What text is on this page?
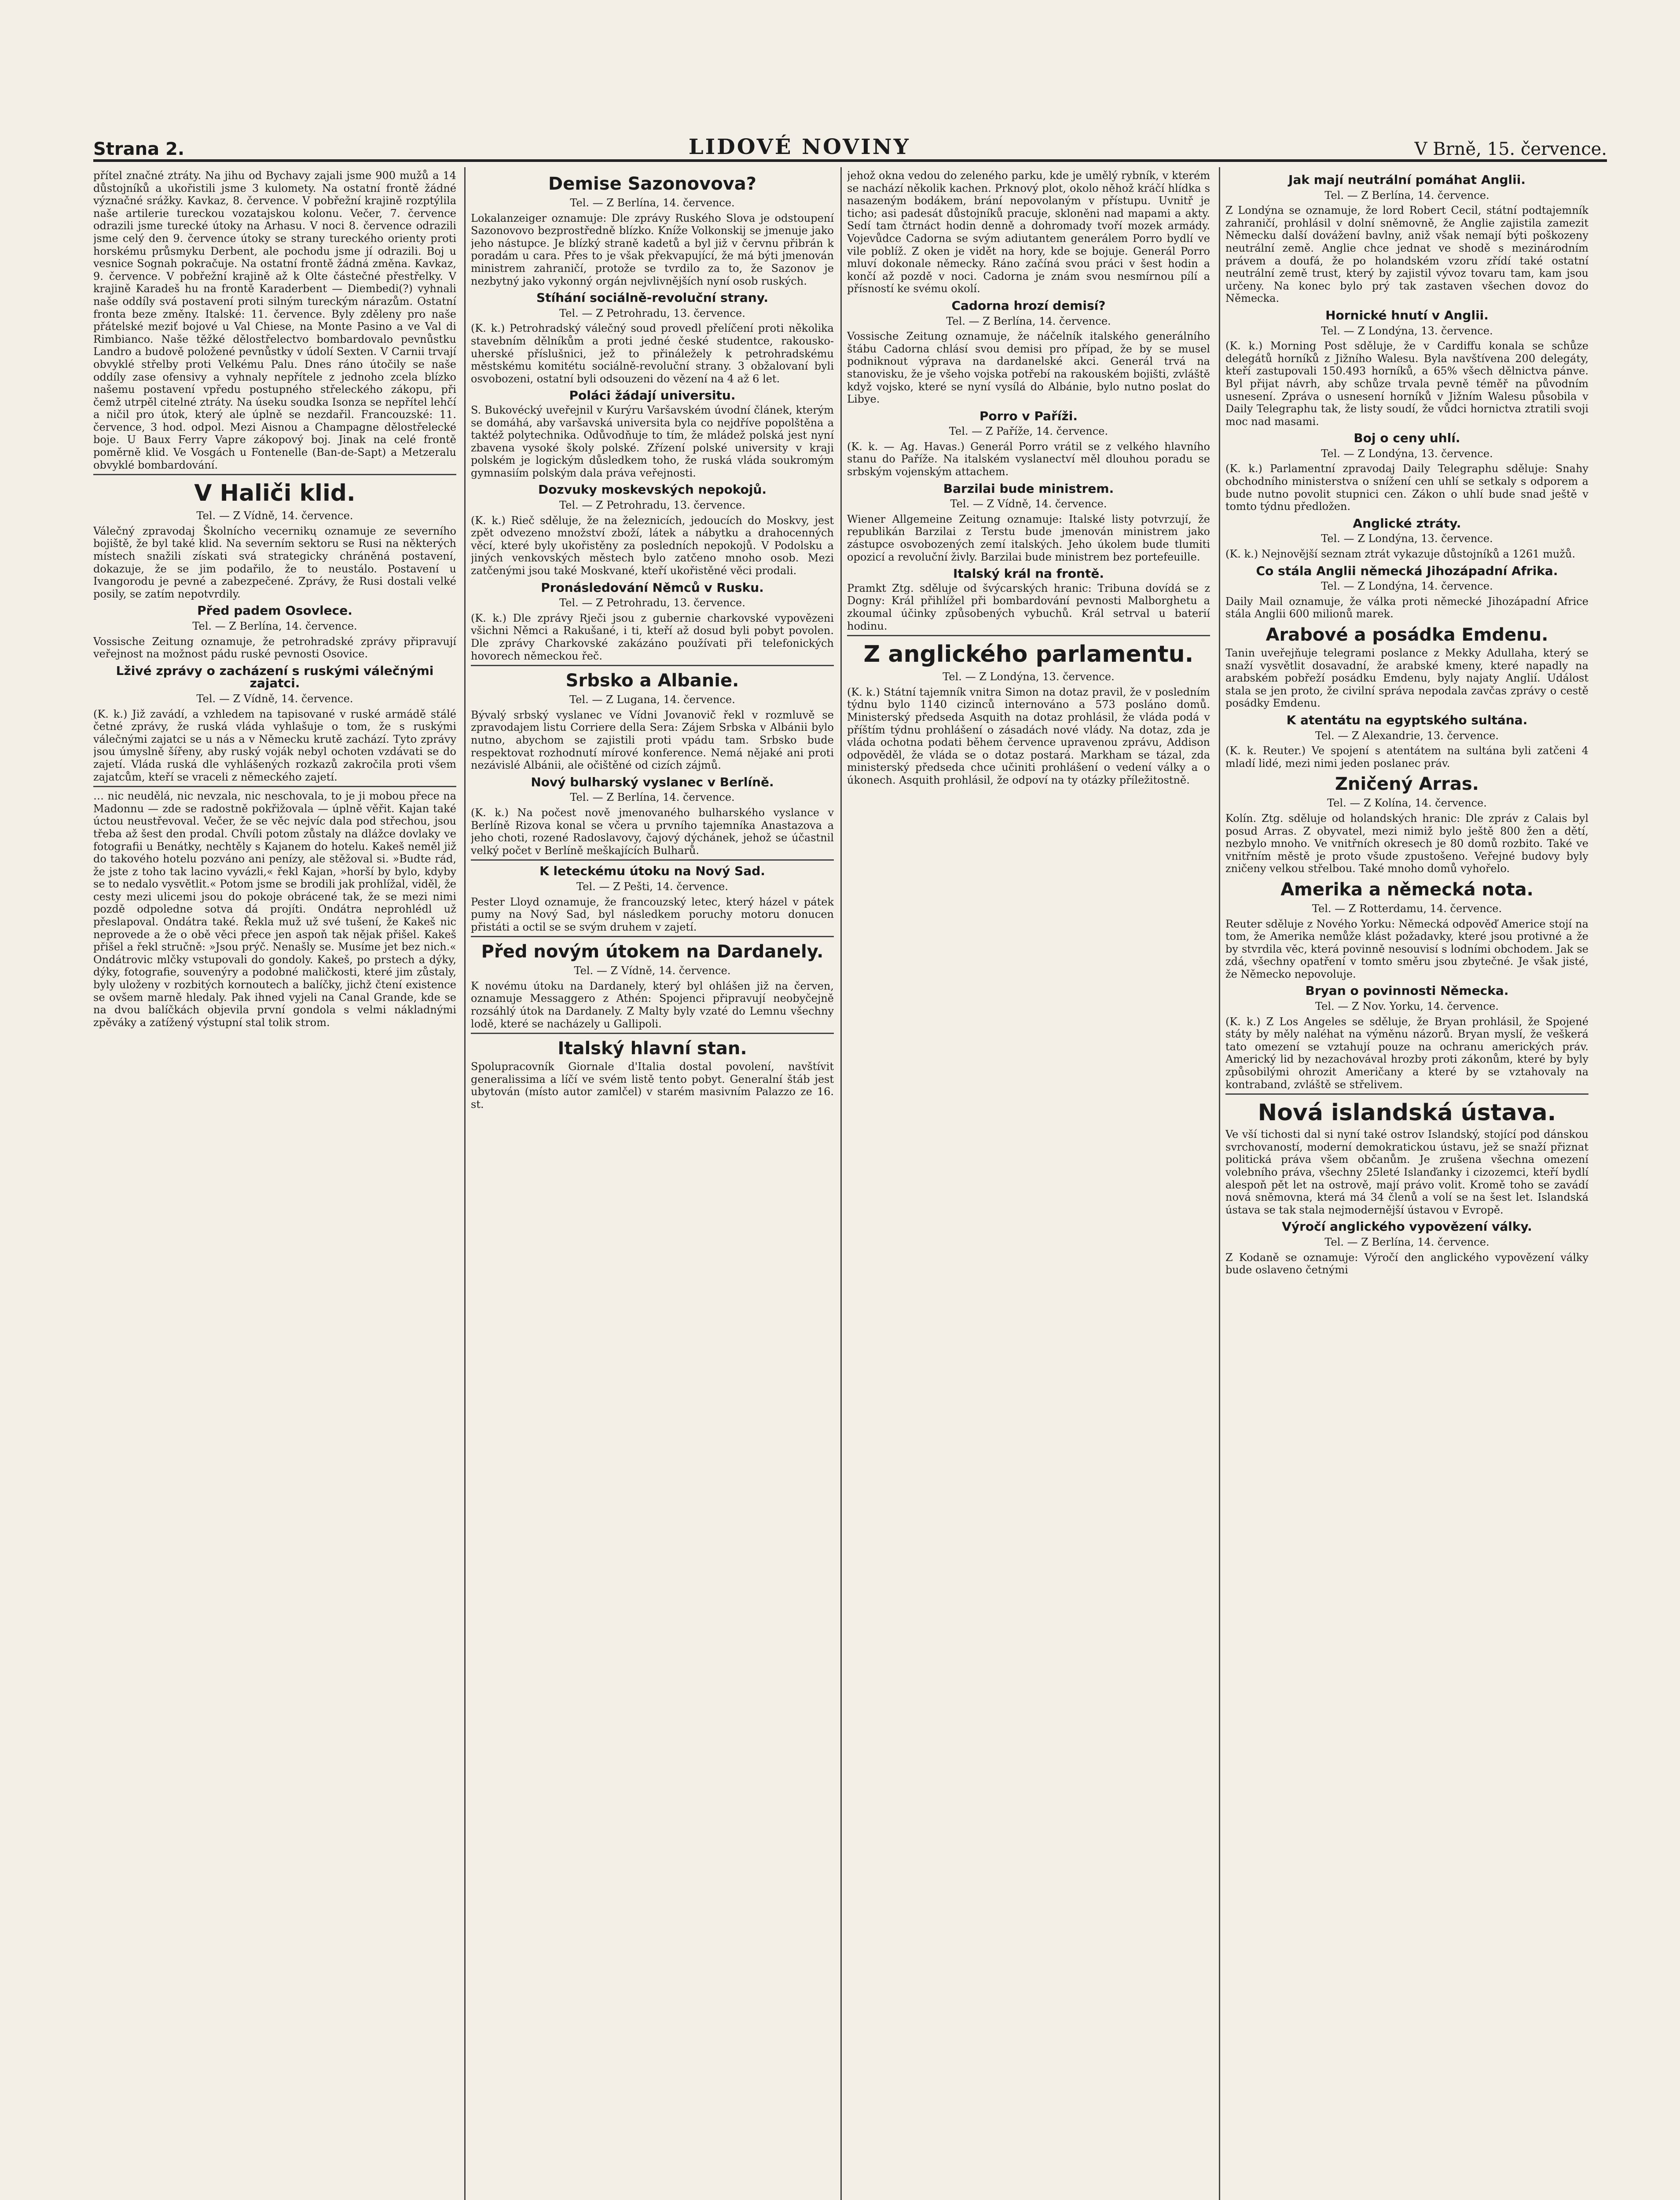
Strana 2.	LIDOVÉ NOVINY	V Brně, 15. července.

přítel značné ztráty. Na jihu od Bychavy zajali jsme 900 mužů a 14 důstojníků a ukořistili jsme 3 kulomety. Na ostatní frontě žádné význačné srážky. Kavkaz, 8. července. V pobřežní krajině rozptýlila naše artilerie tureckou vozatajskou kolonu. Večer, 7. července odrazili jsme turecké útoky na Arhasu. V noci 8. července odrazili jsme celý den 9. července útoky se strany tureckého orienty proti horskému průsmyku Derbent, ale pochodu jsme jí odrazili. Boj u vesnice Sognah pokračuje. Na ostatní frontě žádná změna. Kavkaz, 9. července. V pobřežní krajině až k Olte částečné přestřelky. V krajině Karadeš hu na frontě Karaderbent — Diembedi(?) vyhnali naše oddíly svá postavení proti silným tureckým nárazům. Ostatní fronta beze změny. Italské: 11. července. Byly zděleny pro naše přátelské meziť bojové u Val Chiese, na Monte Pasino a ve Val di Rimbianco. Naše těžké dělostřelectvo bombardovalo pevnůstku Landro a budově položené pevnůstky v údolí Sexten. V Carnii trvají obvyklé střelby proti Velkému Palu. Dnes ráno útočily se naše oddíly zase ofensivy a vyhnaly nepřítele z jednoho zcela blízko našemu postavení vpředu postupného střeleckého zákopu, při čemž utrpěl citelné ztráty. Na úseku soudka Isonza se nepřítel lehčí a ničil pro útok, který ale úplně se nezdařil. Francouzské: 11. července, 3 hod. odpol. Mezi Aisnou a Champagne dělostřelecké boje. U Baux Ferry Vapre zákopový boj. Jinak na celé frontě poměrně klid. Ve Vosgách u Fontenelle (Ban-de-Sapt) a Metzeralu obvyklé bombardování.

V Haliči klid.

Tel. — Z Vídně, 14. července.

Válečný zpravodaj Školnícho vecernikų oznamuje ze severního bojiště, že byl také klid. Na severním sektoru se Rusi na některých místech snažili získati svá strategicky chráněná postavení, dokazuje, že se jim podařilo, že to neustálo. Postavení u Ivangorodu je pevné a zabezpečené. Zprávy, že Rusi dostali velké posily, se zatím nepotvrdily.

Před padem Osovlece.

Tel. — Z Berlína, 14. července.

Vossische Zeitung oznamuje, že petrohradské zprávy připravují veřejnost na možnost pádu ruské pevnosti Osovice.

Lživé zprávy o zacházení s ruskými válečnými zajatci.

Tel. — Z Vídně, 14. července.

(K. k.) Již zavádí, a vzhledem na tapisované v ruské armádě stálé četné zprávy, že ruská vláda vyhlašuje o tom, že s ruskými válečnými zajatci se u nás a v Německu krutě zachází. Tyto zprávy jsou úmyslně šířeny, aby ruský voják nebyl ochoten vzdávati se do zajetí. Vláda ruská dle vyhlášených rozkazů zakročila proti všem zajatcům, kteří se vraceli z německého zajetí.

… nic neudělá, nic nevzala, nic neschovala, to je ji mobou přece na Madonnu — zde se radostně pokřižovala — úplně věřit. Kajan také úctou neustřevoval. Večer, že se věc nejvíc dala pod střechou, jsou třeba až šest den prodal. Chvíli potom zůstaly na dlážce dovlaky ve fotografii u Benátky, nechtěly s Kajanem do hotelu. Kakeš neměl již do takového hotelu pozváno ani penízy, ale stěžoval si. »Budte rád, že jste z toho tak lacino vyvázli,« řekl Kajan, »horší by bylo, kdyby se to nedalo vysvětlit.« Potom jsme se brodili jak prohlížal, viděl, že cesty mezi ulicemi jsou do pokoje obrácené tak, že se mezi nimi pozdě odpoledne sotva dá projíti. Ondátra neprohlédl už přeslapoval. Ondátra také. Řekla muž už své tušení, že Kakeš nic neprovede a že o obě věci přece jen aspoň tak nějak přišel. Kakeš přišel a řekl stručně: »Jsou prýč. Nenašly se. Musíme jet bez nich.« Ondátrovic mlčky vstupovali do gondoly. Kakeš, po prstech a dýky, dýky, fotografie, souvenýry a podobné maličkosti, které jim zůstaly, byly uloženy v rozbitých kornoutech a balíčky, jichž čtení existence se ovšem marně hledaly. Pak ihned vyjeli na Canal Grande, kde se na dvou balíčkách objevila první gondola s velmi nákladnými zpěváky a zatížený výstupní stal tolik strom.

Demise Sazonovova?

Tel. — Z Berlína, 14. července.

Lokalanzeiger oznamuje: Dle zprávy Ruského Slova je odstoupení Sazonovovo bezprostředně blízko. Kníže Volkonskij se jmenuje jako jeho nástupce. Je blízký straně kadetů a byl již v červnu přibrán k poradám u cara. Přes to je však překvapující, že má býti jmenován ministrem zahraničí, protože se tvrdilo za to, že Sazonov je nezbytný jako vykonný orgán nejvlivnějších nyní osob ruských.

Stíhání sociálně-revoluční strany.

Tel. — Z Petrohradu, 13. července.

(K. k.) Petrohradský válečný soud provedl přelíčení proti několika stavebním dělníkům a proti jedné české studentce, rakousko-uherské příslušnici, jež to přináležely k petrohradskému městskému komitétu sociálně-revoluční strany. 3 obžalovaní byli osvobozeni, ostatní byli odsouzeni do vězení na 4 až 6 let.

Poláci žádají universitu.

S. Bukovécký uveřejnil v Kurýru Varšavském úvodní článek, kterým se domáhá, aby varšavská universita byla co nejdříve popolštěna a taktéž polytechnika. Odůvodňuje to tím, že mládež polská jest nyní zbavena vysoké školy polské. Zřízení polské university v kraji polském je logickým důsledkem toho, že ruská vláda soukromým gymnasiím polským dala práva veřejnosti.

Dozvuky moskevských nepokojů.

Tel. — Z Petrohradu, 13. července.

(K. k.) Rieč sděluje, že na železnicích, jedoucích do Moskvy, jest zpět odvezeno množství zboží, látek a nábytku a drahocenných věcí, které byly ukořistěny za posledních nepokojů. V Podolsku a jiných venkovských městech bylo zatčeno mnoho osob. Mezi zatčenými jsou také Moskvané, kteří ukořistěné věci prodali.

Pronásledování Němců v Rusku.

Tel. — Z Petrohradu, 13. července.

(K. k.) Dle zprávy Rječi jsou z gubernie charkovské vypovězeni všichni Němci a Rakušané, i ti, kteří až dosud byli pobyt povolen. Dle zprávy Charkovské zakázáno používati při telefonických hovorech německou řeč.

Srbsko a Albanie.

Tel. — Z Lugana, 14. července.

Bývalý srbský vyslanec ve Vídni Jovanovič řekl v rozmluvě se zpravodajem listu Corriere della Sera: Zájem Srbska v Albánii bylo nutno, abychom se zajistili proti vpádu tam. Srbsko bude respektovat rozhodnutí mírové konference. Nemá nějaké ani proti nezávislé Albánii, ale očištěné od cizích zájmů.

Nový bulharský vyslanec v Berlíně.

Tel. — Z Berlína, 14. července.

(K. k.) Na počest nově jmenovaného bulharského vyslance v Berlíně Rizova konal se včera u prvního tajemníka Anastazova a jeho choti, rozené Radoslavovy, čajový dýchánek, jehož se účastnil velký počet v Berlíně meškajících Bulharů.

K leteckému útoku na Nový Sad.

Tel. — Z Pešti, 14. července.

Pester Lloyd oznamuje, že francouzský letec, který házel v pátek pumy na Nový Sad, byl následkem poruchy motoru donucen přistáti a octil se se svým druhem v zajetí.

Před novým útokem na Dardanely.

Tel. — Z Vídně, 14. července.

K novému útoku na Dardanely, který byl ohlášen již na červen, oznamuje Messaggero z Athén: Spojenci připravují neobyčejně rozsáhlý útok na Dardanely. Z Malty byly vzaté do Lemnu všechny lodě, které se nacházely u Gallipoli.

Italský hlavní stan.

Spolupracovník Giornale d'Italia dostal povolení, navštívit generalissima a líčí ve svém listě tento pobyt. Generalní štáb jest ubytován (místo autor zamlčel) v starém masivním Palazzo ze 16. st.

jehož okna vedou do zeleného parku, kde je umělý rybník, v kterém se nachází několik kachen. Prknový plot, okolo něhož kráčí hlídka s nasazeným bodákem, brání nepovolaným v přístupu. Uvnitř je ticho; asi padesát důstojníků pracuje, skloněni nad mapami a akty. Sedí tam čtrnáct hodin denně a dohromady tvoří mozek armády. Vojevůdce Cadorna se svým adiutantem generálem Porro bydlí ve vile poblíž. Z oken je vidět na hory, kde se bojuje. Generál Porro mluví dokonale německy. Ráno začíná svou práci v šest hodin a končí až pozdě v noci. Cadorna je znám svou nesmírnou pílí a přísností ke svému okolí.

Cadorna hrozí demisí?

Tel. — Z Berlína, 14. července.

Vossische Zeitung oznamuje, že náčelník italského generálního štábu Cadorna chlásí svou demisi pro případ, že by se musel podniknout výprava na dardanelské akci. Generál trvá na stanovisku, že je všeho vojska potřebí na rakouském bojišti, zvláště když vojsko, které se nyní vysílá do Albánie, bylo nutno poslat do Libye.

Porro v Paříži.

Tel. — Z Paříže, 14. července.

(K. k. — Ag. Havas.) Generál Porro vrátil se z velkého hlavního stanu do Paříže. Na italském vyslanectví měl dlouhou poradu se srbským vojenským attachem.

Barzilai bude ministrem.

Tel. — Z Vídně, 14. července.

Wiener Allgemeine Zeitung oznamuje: Italské listy potvrzují, že republikán Barzilai z Terstu bude jmenován ministrem jako zástupce osvobozených zemí italských. Jeho úkolem bude tlumiti opozicí a revoluční živly. Barzilai bude ministrem bez portefeuille.

Italský král na frontě.

Pramkt Ztg. sděluje od švýcarských hranic: Tribuna dovídá se z Dogny: Král přihlížel při bombardování pevnosti Malborghetu a zkoumal účinky způsobených vybuchů. Král setrval u baterií hodinu.

Z anglického parlamentu.

Tel. — Z Londýna, 13. července.

(K. k.) Státní tajemník vnitra Simon na dotaz pravil, že v posledním týdnu bylo 1140 cizinců internováno a 573 posláno domů. Ministerský předseda Asquith na dotaz prohlásil, že vláda podá v příštím týdnu prohlášení o zásadách nové vlády. Na dotaz, zda je vláda ochotna podati během července upravenou zprávu, Addison odpověděl, že vláda se o dotaz postará. Markham se tázal, zda ministerský předseda chce učiniti prohlášení o vedení války a o úkonech. Asquith prohlásil, že odpoví na ty otázky příležitostně.

Jak mají neutrální pomáhat Anglii.

Tel. — Z Berlína, 14. července.

Z Londýna se oznamuje, že lord Robert Cecil, státní podtajemník zahraničí, prohlásil v dolní sněmovně, že Anglie zajistila zamezit Německu další dovážení bavlny, aniž však nemají býti poškozeny neutrální země. Anglie chce jednat ve shodě s mezinárodním právem a doufá, že po holandském vzoru zřídí také ostatní neutrální země trust, který by zajistil vývoz tovaru tam, kam jsou určeny. Na konec bylo prý tak zastaven všechen dovoz do Německa.

Hornické hnutí v Anglii.

Tel. — Z Londýna, 13. července.

(K. k.) Morning Post sděluje, že v Cardiffu konala se schůze delegátů horníků z Jižního Walesu. Byla navštívena 200 delegáty, kteří zastupovali 150.493 horníků, a 65% všech dělnictva pánve. Byl přijat návrh, aby schůze trvala pevně téměř na původním usnesení. Zpráva o usnesení horníků v Jižním Walesu působila v Daily Telegraphu tak, že listy soudí, že vůdci hornictva ztratili svoji moc nad masami.

Boj o ceny uhlí.

Tel. — Z Londýna, 13. července.

(K. k.) Parlamentní zpravodaj Daily Telegraphu sděluje: Snahy obchodního ministerstva o snížení cen uhlí se setkaly s odporem a bude nutno povolit stupnici cen. Zákon o uhlí bude snad ještě v tomto týdnu předložen.

Anglické ztráty.

Tel. — Z Londýna, 13. července.

(K. k.) Nejnovější seznam ztrát vykazuje důstojníků a 1261 mužů.

Co stála Anglii německá Jihozápadní Afrika.

Tel. — Z Londýna, 14. července.

Daily Mail oznamuje, že válka proti německé Jihozápadní Africe stála Anglii 600 milionů marek.

Arabové a posádka Emdenu.

Tanin uveřejňuje telegrami poslance z Mekky Adullaha, který se snaží vysvětlit dosavadní, že arabské kmeny, které napadly na arabském pobřeží posádku Emdenu, byly najaty Anglií. Událost stala se jen proto, že civilní správa nepodala zavčas zprávy o cestě posádky Emdenu.

K atentátu na egyptského sultána.

Tel. — Z Alexandrie, 13. července.

(K. k. Reuter.) Ve spojení s atentátem na sultána byli zatčeni 4 mladí lidé, mezi nimi jeden poslanec práv.

Zničený Arras.

Tel. — Z Kolína, 14. července.

Kolín. Ztg. sděluje od holandských hranic: Dle zpráv z Calais byl posud Arras. Z obyvatel, mezi nimiž bylo ještě 800 žen a dětí, nezbylo mnoho. Ve vnitřních okresech je 80 domů rozbito. Také ve vnitřním městě je proto všude zpustošeno. Veřejné budovy byly zničeny velkou střelbou. Také mnoho domů vyhořelo.

Amerika a německá nota.

Tel. — Z Rotterdamu, 14. července.

Reuter sděluje z Nového Yorku: Německá odpověď Americe stojí na tom, že Amerika nemůže klást požadavky, které jsou protivné a že by stvrdila věc, která povinně nesouvisí s lodními obchodem. Jak se zdá, všechny opatření v tomto směru jsou zbytečné. Je však jisté, že Německo nepovoluje.

Bryan o povinnosti Německa.

Tel. — Z Nov. Yorku, 14. července.

(K. k.) Z Los Angeles se sděluje, že Bryan prohlásil, že Spojené státy by měly naléhat na výměnu názorů. Bryan myslí, že veškerá tato omezení se vztahují pouze na ochranu amerických práv. Americký lid by nezachovával hrozby proti zákonům, které by byly způsobilými ohrozit Američany a které by se vztahovaly na kontraband, zvláště se střelivem.

Nová islandská ústava.

Ve vší tichosti dal si nyní také ostrov Islandský, stojící pod dánskou svrchovaností, moderní demokratickou ústavu, jež se snaží přiznat politická práva všem občanům. Je zrušena všechna omezení volebního práva, všechny 25leté Islanďanky i cizozemci, kteří bydlí alespoň pět let na ostrově, mají právo volit. Kromě toho se zavádí nová sněmovna, která má 34 členů a volí se na šest let. Islandská ústava se tak stala nejmodernější ústavou v Evropě.

Výročí anglického vypovězení války.

Tel. — Z Berlína, 14. července.

Z Kodaně se oznamuje: Výročí den anglického vypovězení války bude oslaveno četnými
